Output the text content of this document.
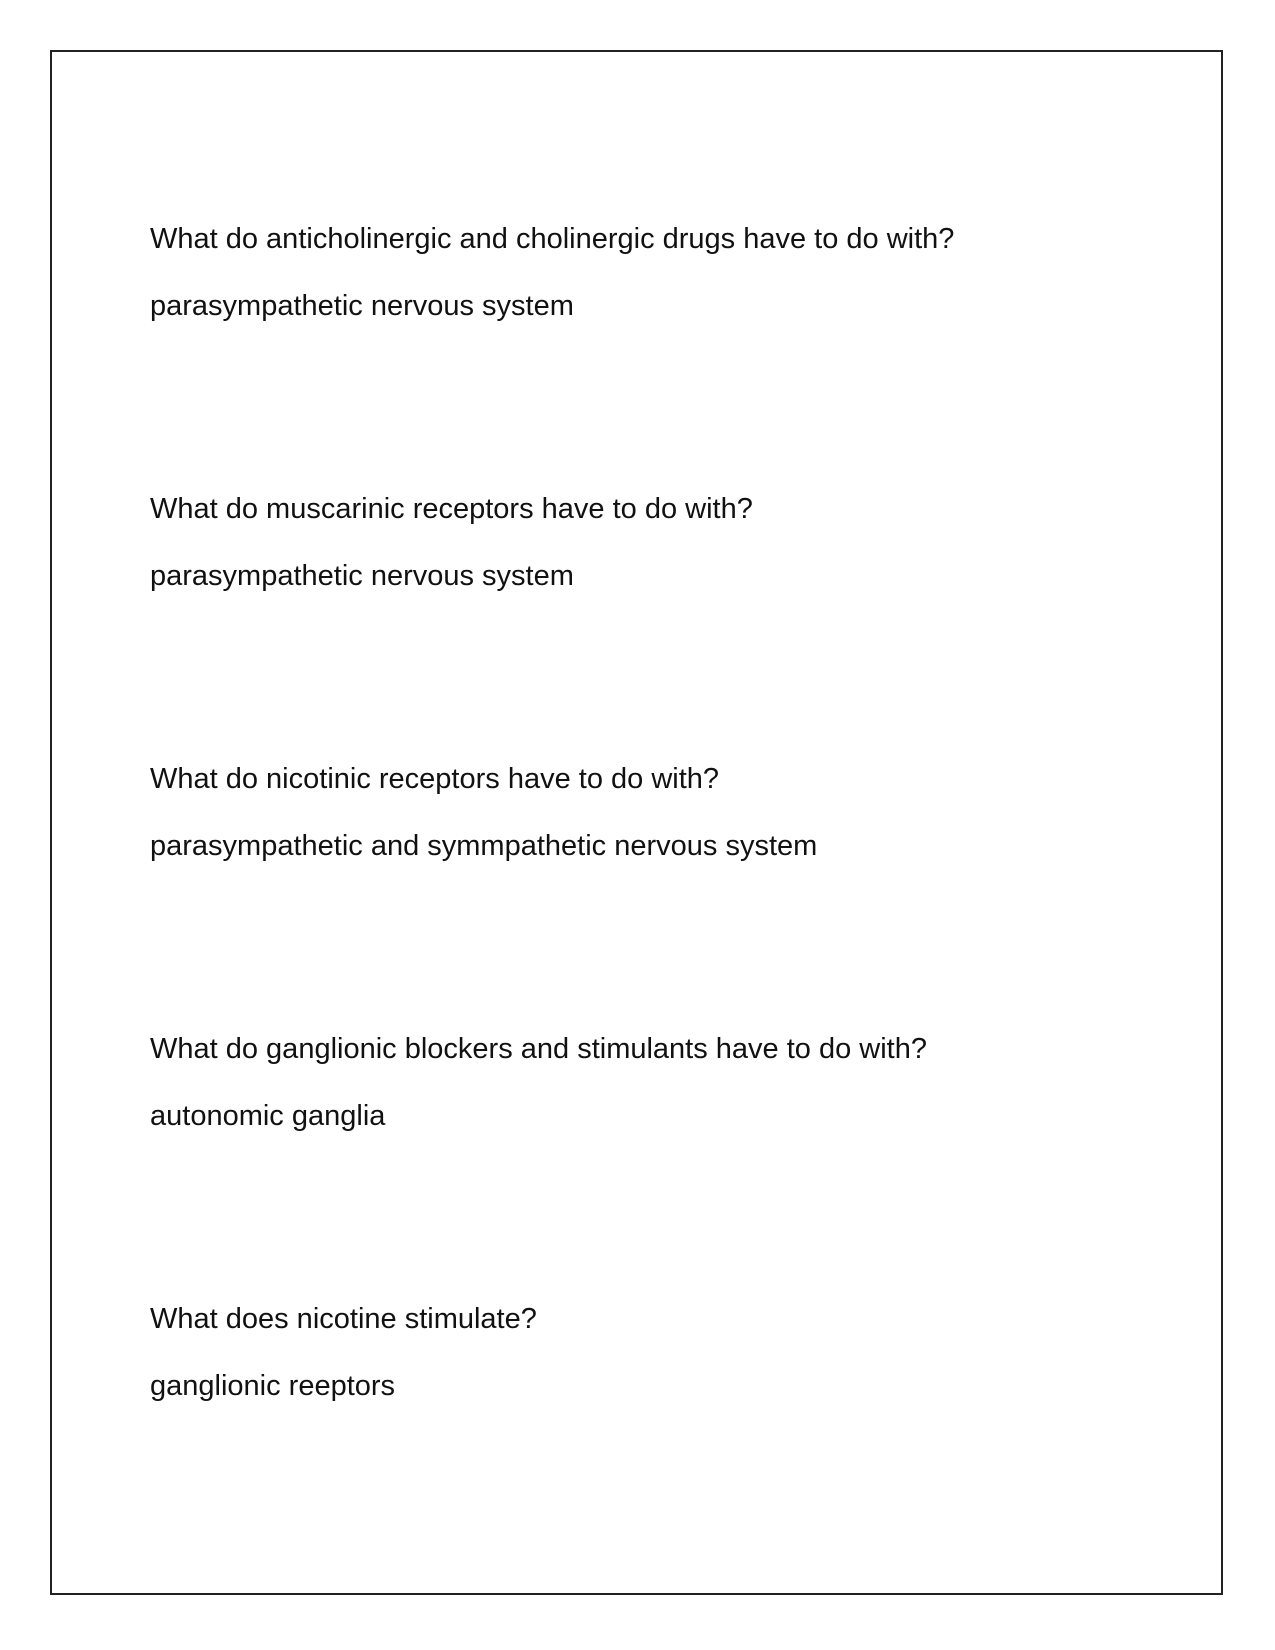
What do anticholinergic and cholinergic drugs have to do with?
parasympathetic nervous system
What do muscarinic receptors have to do with?
parasympathetic nervous system
What do nicotinic receptors have to do with?
parasympathetic and symmpathetic nervous system
What do ganglionic blockers and stimulants have to do with?
autonomic ganglia
What does nicotine stimulate?
ganglionic reeptors
